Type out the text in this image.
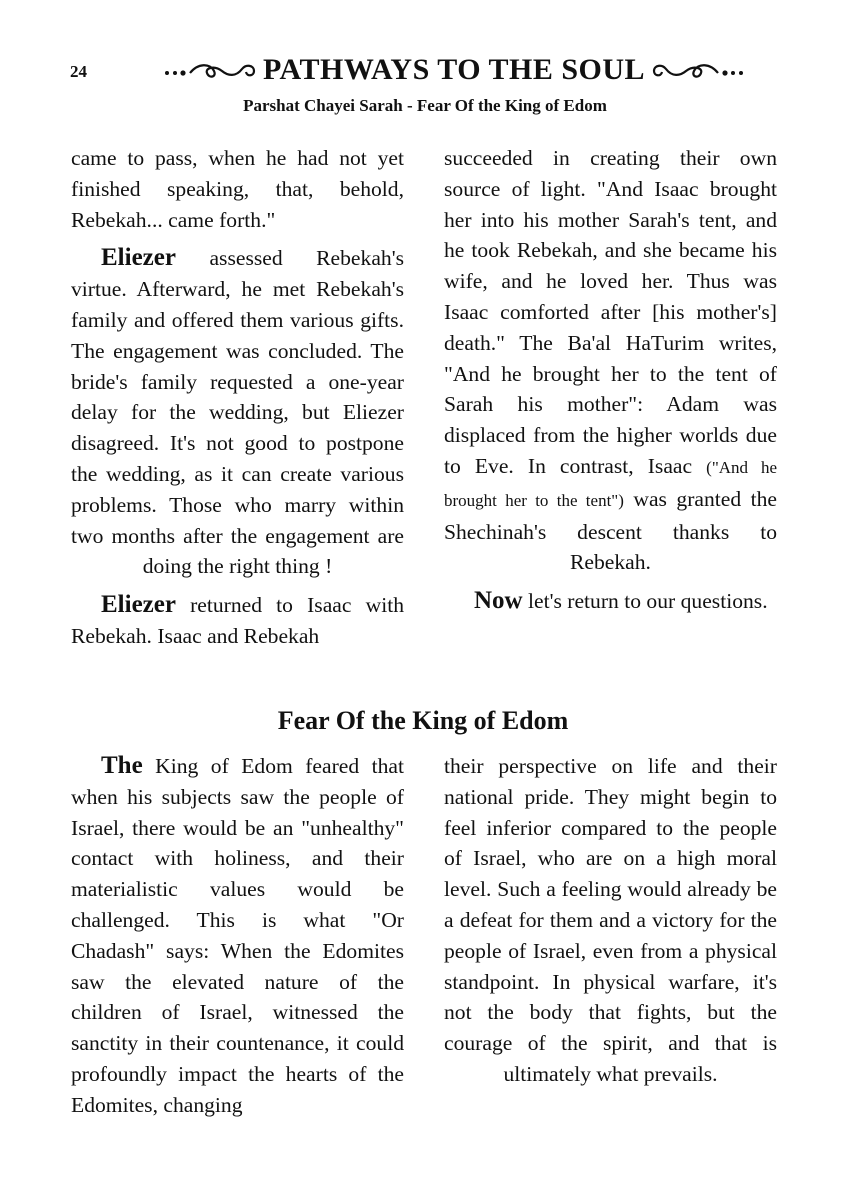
24	PATHWAYS TO THE SOUL
Parshat Chayei Sarah - Fear Of the King of Edom

came to pass, when he had not yet finished speaking, that, behold, Rebekah... came forth."

Eliezer assessed Rebekah's virtue. Afterward, he met Rebekah's family and offered them various gifts. The engagement was concluded. The bride's family requested a one-year delay for the wedding, but Eliezer disagreed. It's not good to postpone the wedding, as it can create various problems. Those who marry within two months after the engagement are doing the right thing !

Eliezer returned to Isaac with Rebekah. Isaac and Rebekah

succeeded in creating their own source of light. "And Isaac brought her into his mother Sarah's tent, and he took Rebekah, and she became his wife, and he loved her. Thus was Isaac comforted after [his mother's] death." The Ba'al HaTurim writes, "And he brought her to the tent of Sarah his mother": Adam was displaced from the higher worlds due to Eve. In contrast, Isaac ("And he brought her to the tent") was granted the Shechinah's descent thanks to Rebekah.

Now let's return to our questions.

Fear Of the King of Edom

The King of Edom feared that when his subjects saw the people of Israel, there would be an "unhealthy" contact with holiness, and their materialistic values would be challenged. This is what "Or Chadash" says: When the Edomites saw the elevated nature of the children of Israel, witnessed the sanctity in their countenance, it could profoundly impact the hearts of the Edomites, changing

their perspective on life and their national pride. They might begin to feel inferior compared to the people of Israel, who are on a high moral level. Such a feeling would already be a defeat for them and a victory for the people of Israel, even from a physical standpoint. In physical warfare, it's not the body that fights, but the courage of the spirit, and that is ultimately what prevails.
